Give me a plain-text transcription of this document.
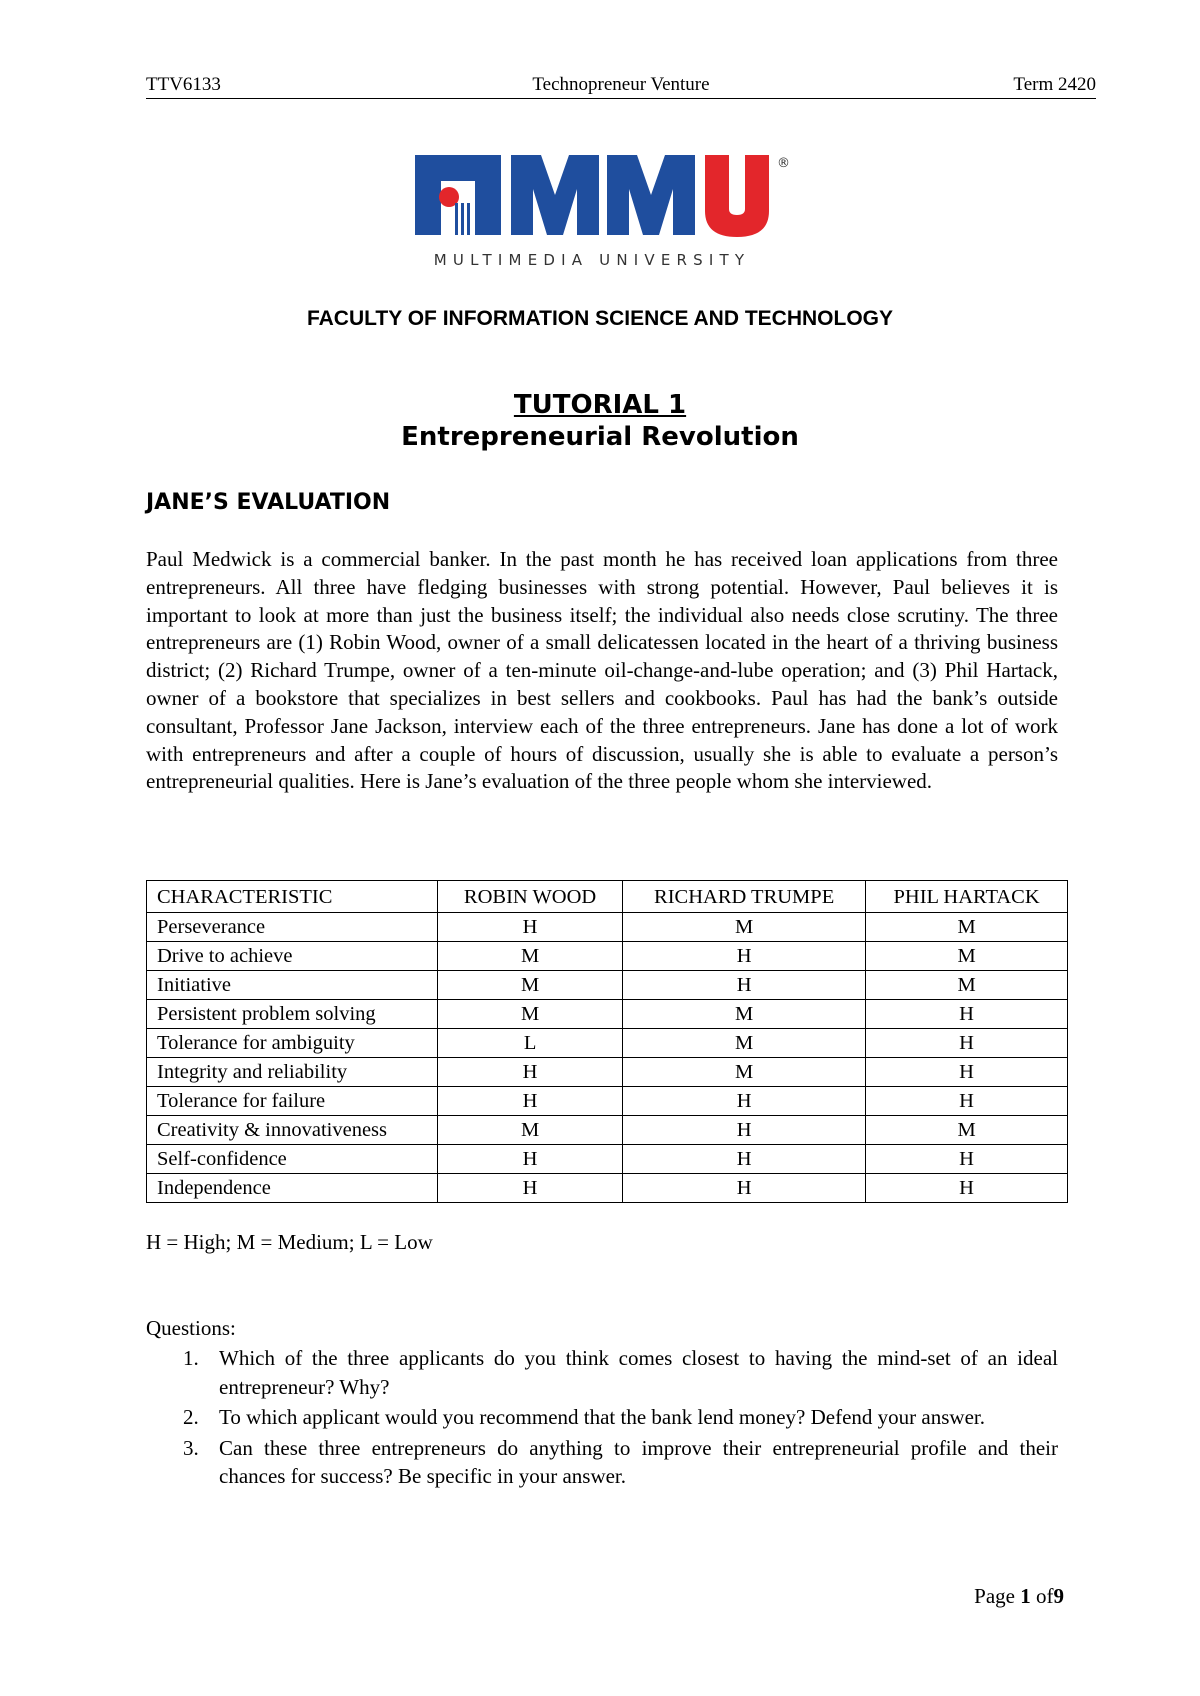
TTV6133	Technopreneur Venture	Term 2420
®
MULTIMEDIA UNIVERSITY
FACULTY OF INFORMATION SCIENCE AND TECHNOLOGY
TUTORIAL 1
Entrepreneurial Revolution
JANE’S EVALUATION

Paul Medwick is a commercial banker. In the past month he has received loan applications from three entrepreneurs. All three have fledging businesses with strong potential. However, Paul believes it is important to look at more than just the business itself; the individual also needs close scrutiny. The three entrepreneurs are (1) Robin Wood, owner of a small delicatessen located in the heart of a thriving business district; (2) Richard Trumpe, owner of a ten-minute oil-change-and-lube operation; and (3) Phil Hartack, owner of a bookstore that specializes in best sellers and cookbooks. Paul has had the bank’s outside consultant, Professor Jane Jackson, interview each of the three entrepreneurs. Jane has done a lot of work with entrepreneurs and after a couple of hours of discussion, usually she is able to evaluate a person’s entrepreneurial qualities. Here is Jane’s evaluation of the three people whom she interviewed.

CHARACTERISTIC	ROBIN WOOD	RICHARD TRUMPE	PHIL HARTACK
Perseverance	H	M	M
Drive to achieve	M	H	M
Initiative	M	H	M
Persistent problem solving	M	M	H
Tolerance for ambiguity	L	M	H
Integrity and reliability	H	M	H
Tolerance for failure	H	H	H
Creativity & innovativeness	M	H	M
Self-confidence	H	H	H
Independence	H	H	H
H = High; M = Medium; L = Low
Questions:
1. Which of the three applicants do you think comes closest to having the mind-set of an ideal entrepreneur? Why?
2. To which applicant would you recommend that the bank lend money? Defend your answer.
3. Can these three entrepreneurs do anything to improve their entrepreneurial profile and their chances for success? Be specific in your answer.
Page 1 of9
